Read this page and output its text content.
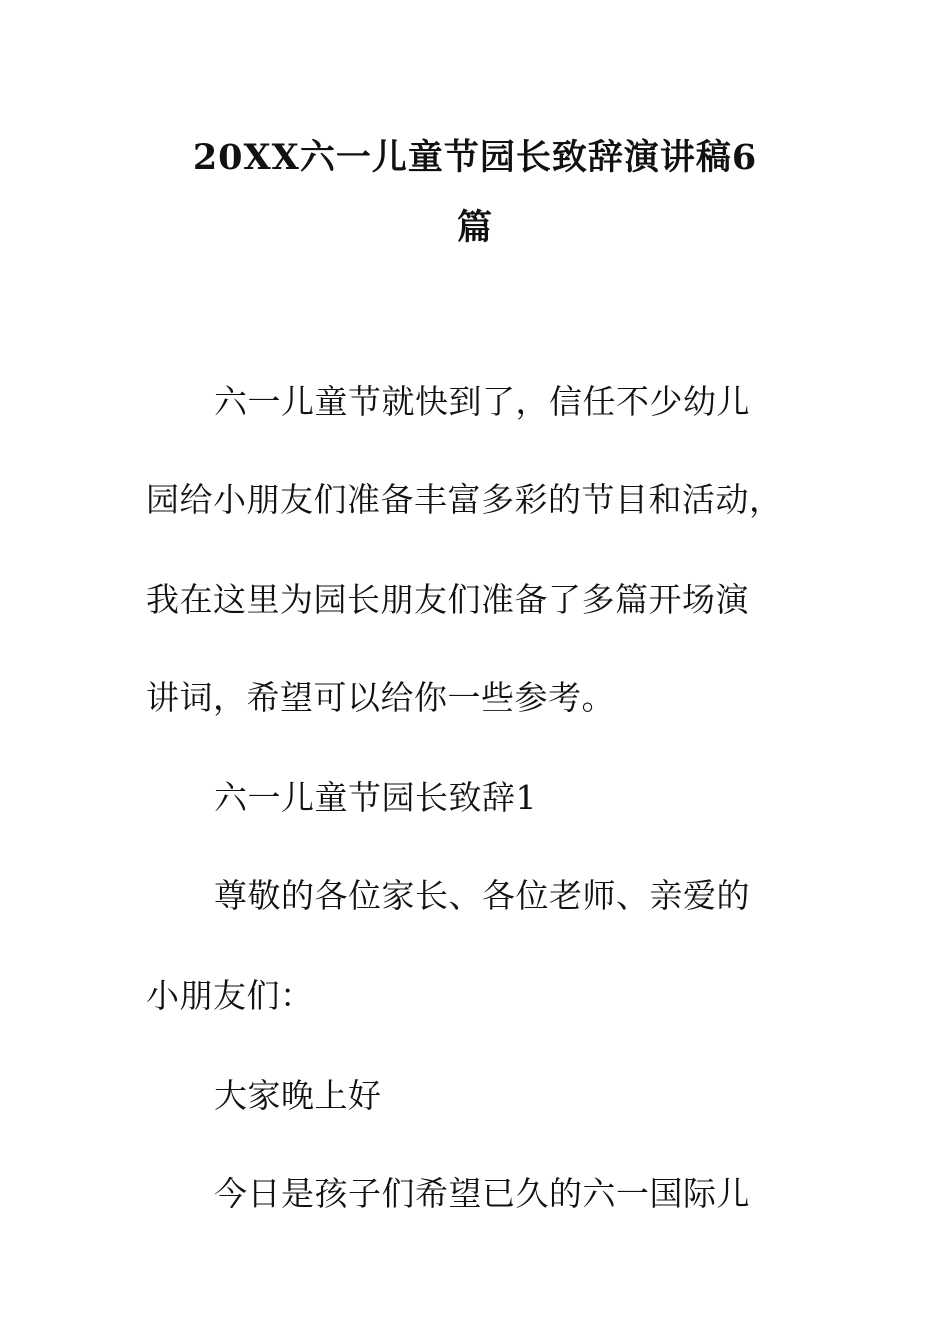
20XX六一儿童节园长致辞演讲稿6
篇
六一儿童节就快到了，信任不少幼儿
园给小朋友们准备丰富多彩的节目和活动，
我在这里为园长朋友们准备了多篇开场演
讲词，希望可以给你一些参考。
六一儿童节园长致辞1
尊敬的各位家长、各位老师、亲爱的
小朋友们：
大家晚上好
今日是孩子们希望已久的六一国际儿
